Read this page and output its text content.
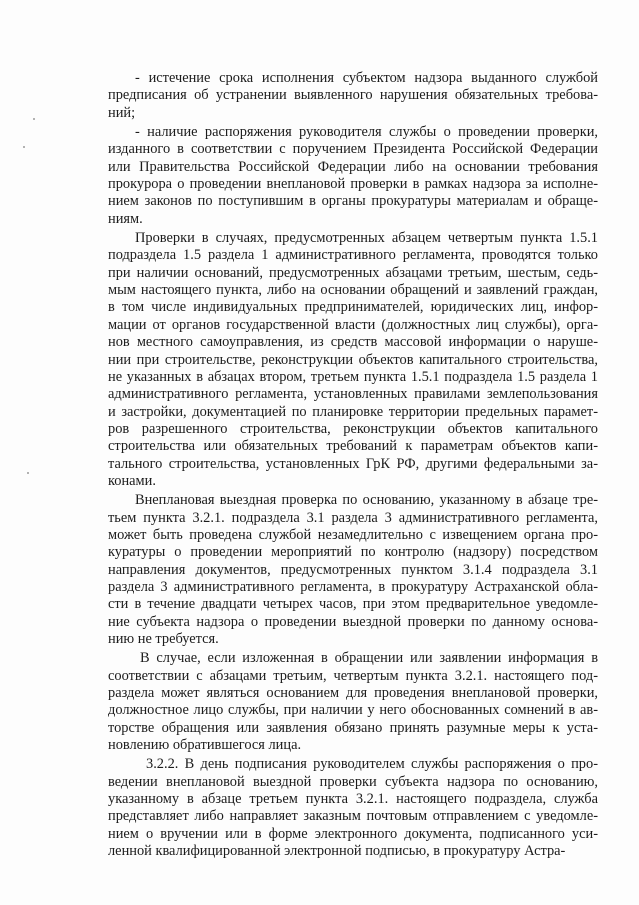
- истечение срока исполнения субъектом надзора выданного службой
предписания об устранении выявленного нарушения обязательных требова-
ний;
- наличие распоряжения руководителя службы о проведении проверки,
изданного в соответствии с поручением Президента Российской Федерации
или Правительства Российской Федерации либо на основании требования
прокурора о проведении внеплановой проверки в рамках надзора за исполне-
нием законов по поступившим в органы прокуратуры материалам и обраще-
ниям.
Проверки в случаях, предусмотренных абзацем четвертым пункта 1.5.1
подраздела 1.5 раздела 1 административного регламента, проводятся только
при наличии оснований, предусмотренных абзацами третьим, шестым, седь-
мым настоящего пункта, либо на основании обращений и заявлений граждан,
в том числе индивидуальных предпринимателей, юридических лиц, инфор-
мации от органов государственной власти (должностных лиц службы), орга-
нов местного самоуправления, из средств массовой информации о наруше-
нии при строительстве, реконструкции объектов капитального строительства,
не указанных в абзацах втором, третьем пункта 1.5.1 подраздела 1.5 раздела 1
административного регламента, установленных правилами землепользования
и застройки, документацией по планировке территории предельных парамет-
ров разрешенного строительства, реконструкции объектов капитального
строительства или обязательных требований к параметрам объектов капи-
тального строительства, установленных ГрК РФ, другими федеральными за-
конами.
Внеплановая выездная проверка по основанию, указанному в абзаце тре-
тьем пункта 3.2.1. подраздела 3.1 раздела 3 административного регламента,
может быть проведена службой незамедлительно с извещением органа про-
куратуры о проведении мероприятий по контролю (надзору) посредством
направления документов, предусмотренных пунктом 3.1.4 подраздела 3.1
раздела 3 административного регламента, в прокуратуру Астраханской обла-
сти в течение двадцати четырех часов, при этом предварительное уведомле-
ние субъекта надзора о проведении выездной проверки по данному основа-
нию не требуется.
В случае, если изложенная в обращении или заявлении информация в
соответствии с абзацами третьим, четвертым пункта 3.2.1. настоящего под-
раздела может являться основанием для проведения внеплановой проверки,
должностное лицо службы, при наличии у него обоснованных сомнений в ав-
торстве обращения или заявления обязано принять разумные меры к уста-
новлению обратившегося лица.
3.2.2. В день подписания руководителем службы распоряжения о про-
ведении внеплановой выездной проверки субъекта надзора по основанию,
указанному в абзаце третьем пункта 3.2.1. настоящего подраздела, служба
представляет либо направляет заказным почтовым отправлением с уведомле-
нием о вручении или в форме электронного документа, подписанного уси-
ленной квалифицированной электронной подписью, в прокуратуру Астра-
